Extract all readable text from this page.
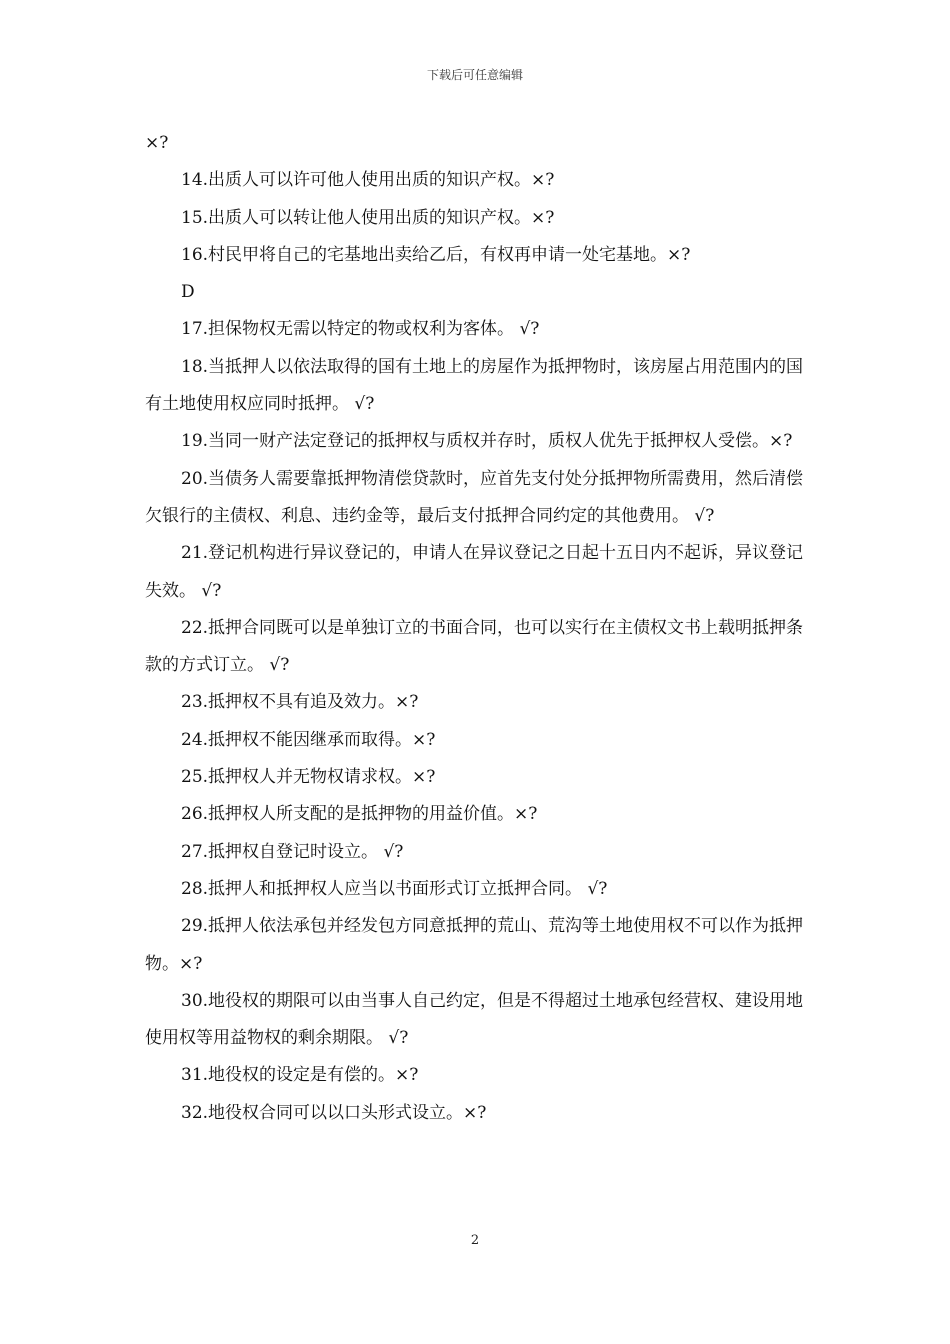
下载后可任意编辑

×?

14.出质人可以许可他人使用出质的知识产权。×?

15.出质人可以转让他人使用出质的知识产权。×?

16.村民甲将自己的宅基地出卖给乙后，有权再申请一处宅基地。×?

D

17.担保物权无需以特定的物或权利为客体。 √?

18.当抵押人以依法取得的国有土地上的房屋作为抵押物时，该房屋占用范围内的国有土地使用权应同时抵押。 √?

19.当同一财产法定登记的抵押权与质权并存时，质权人优先于抵押权人受偿。×?

20.当债务人需要靠抵押物清偿贷款时，应首先支付处分抵押物所需费用，然后清偿欠银行的主债权、利息、违约金等，最后支付抵押合同约定的其他费用。 √?

21.登记机构进行异议登记的，申请人在异议登记之日起十五日内不起诉，异议登记失效。 √?

22.抵押合同既可以是单独订立的书面合同，也可以实行在主债权文书上载明抵押条款的方式订立。 √?

23.抵押权不具有追及效力。×?

24.抵押权不能因继承而取得。×?

25.抵押权人并无物权请求权。×?

26.抵押权人所支配的是抵押物的用益价值。×?

27.抵押权自登记时设立。 √?

28.抵押人和抵押权人应当以书面形式订立抵押合同。 √?

29.抵押人依法承包并经发包方同意抵押的荒山、荒沟等土地使用权不可以作为抵押物。×?

30.地役权的期限可以由当事人自己约定，但是不得超过土地承包经营权、建设用地使用权等用益物权的剩余期限。 √?

31.地役权的设定是有偿的。×?

32.地役权合同可以以口头形式设立。×?

2
